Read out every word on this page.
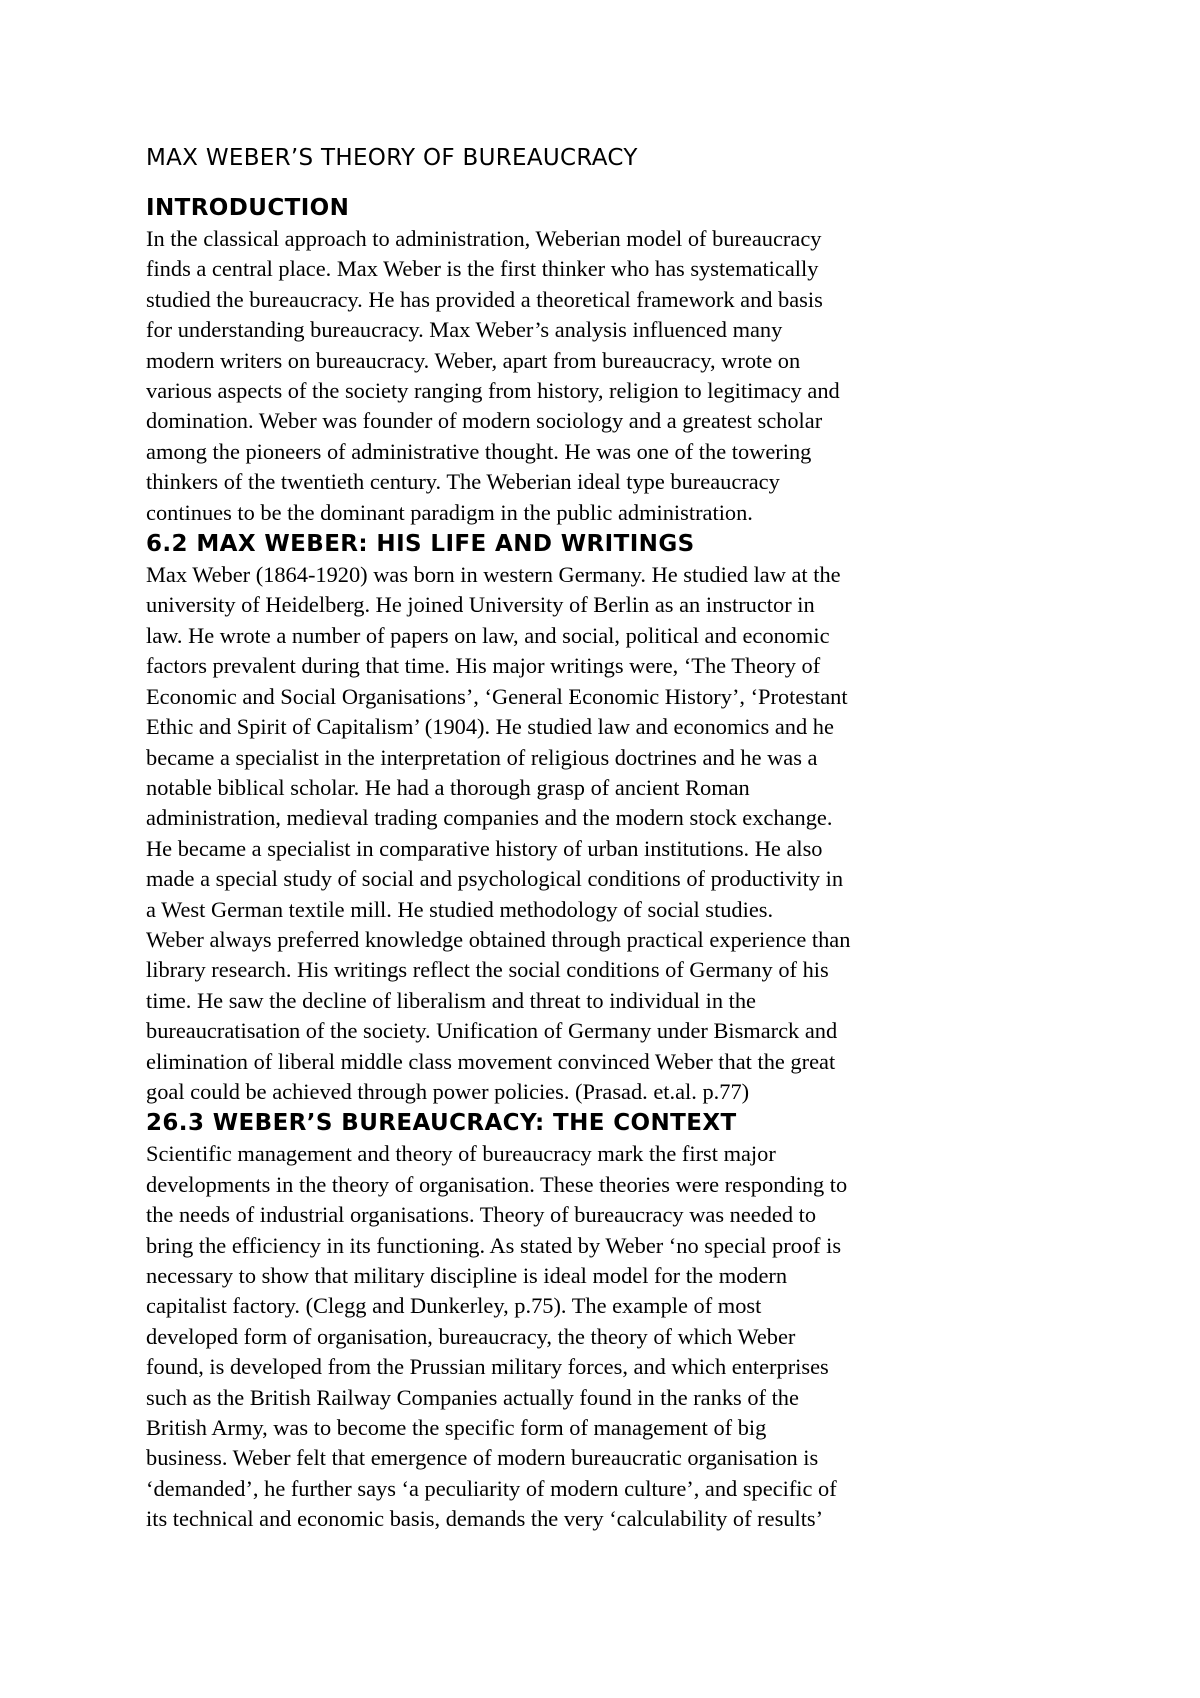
MAX WEBER’S THEORY OF BUREAUCRACY
INTRODUCTION
In the classical approach to administration, Weberian model of bureaucracy
finds a central place. Max Weber is the first thinker who has systematically
studied the bureaucracy. He has provided a theoretical framework and basis
for understanding bureaucracy. Max Weber’s analysis influenced many
modern writers on bureaucracy. Weber, apart from bureaucracy, wrote on
various aspects of the society ranging from history, religion to legitimacy and
domination. Weber was founder of modern sociology and a greatest scholar
among the pioneers of administrative thought. He was one of the towering
thinkers of the twentieth century. The Weberian ideal type bureaucracy
continues to be the dominant paradigm in the public administration.
6.2 MAX WEBER: HIS LIFE AND WRITINGS
Max Weber (1864-1920) was born in western Germany. He studied law at the
university of Heidelberg. He joined University of Berlin as an instructor in
law. He wrote a number of papers on law, and social, political and economic
factors prevalent during that time. His major writings were, ‘The Theory of
Economic and Social Organisations’, ‘General Economic History’, ‘Protestant
Ethic and Spirit of Capitalism’ (1904). He studied law and economics and he
became a specialist in the interpretation of religious doctrines and he was a
notable biblical scholar. He had a thorough grasp of ancient Roman
administration, medieval trading companies and the modern stock exchange.
He became a specialist in comparative history of urban institutions. He also
made a special study of social and psychological conditions of productivity in
a West German textile mill. He studied methodology of social studies.
Weber always preferred knowledge obtained through practical experience than
library research. His writings reflect the social conditions of Germany of his
time. He saw the decline of liberalism and threat to individual in the
bureaucratisation of the society. Unification of Germany under Bismarck and
elimination of liberal middle class movement convinced Weber that the great
goal could be achieved through power policies. (Prasad. et.al. p.77)
26.3 WEBER’S BUREAUCRACY: THE CONTEXT
Scientific management and theory of bureaucracy mark the first major
developments in the theory of organisation. These theories were responding to
the needs of industrial organisations. Theory of bureaucracy was needed to
bring the efficiency in its functioning. As stated by Weber ‘no special proof is
necessary to show that military discipline is ideal model for the modern
capitalist factory. (Clegg and Dunkerley, p.75). The example of most
developed form of organisation, bureaucracy, the theory of which Weber
found, is developed from the Prussian military forces, and which enterprises
such as the British Railway Companies actually found in the ranks of the
British Army, was to become the specific form of management of big
business. Weber felt that emergence of modern bureaucratic organisation is
‘demanded’, he further says ‘a peculiarity of modern culture’, and specific of
its technical and economic basis, demands the very ‘calculability of results’
